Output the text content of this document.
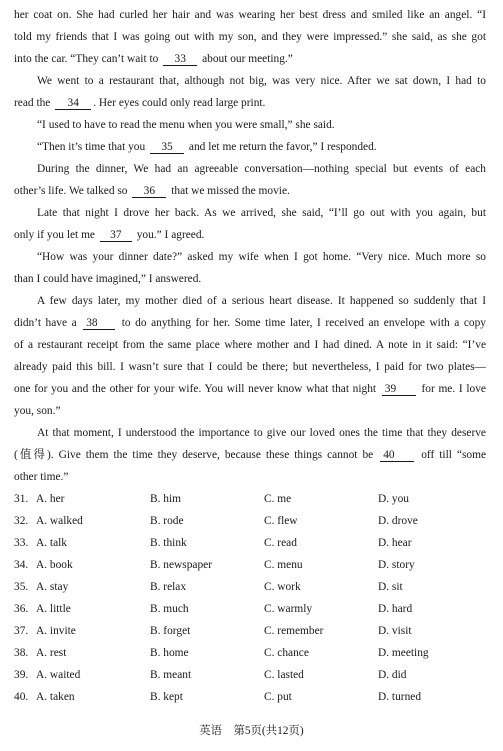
her coat on. She had curled her hair and was wearing her best dress and smiled like an angel. “I
told my friends that I was going out with my son, and they were impressed.” she said, as she got
into the car. “They can’t wait to 33 about our meeting.”
We went to a restaurant that, although not big, was very nice. After we sat down, I had to
read the 34 . Her eyes could only read large print.
“I used to have to read the menu when you were small,” she said.
“Then it’s time that you 35 and let me return the favor,” I responded.
During the dinner, We had an agreeable conversation—nothing special but events of each
other’s life. We talked so 36 that we missed the movie.
Late that night I drove her back. As we arrived, she said, “I’ll go out with you again, but
only if you let me 37 you.” I agreed.
“How was your dinner date?” asked my wife when I got home. “Very nice. Much more so
than I could have imagined,” I answered.
A few days later, my mother died of a serious heart disease. It happened so suddenly that I
didn’t have a 38 to do anything for her. Some time later, I received an envelope with a copy
of a restaurant receipt from the same place where mother and I had dined. A note in it said: “I’ve
already paid this bill. I wasn’t sure that I could be there; but nevertheless, I paid for two plates—
one for you and the other for your wife. You will never know what that night 39 for me. I love
you, son.”
At that moment, I understood the importance to give our loved ones the time that they deserve
(值得). Give them the time they deserve, because these things cannot be 40 off till “some
other time.”
31. A. her	B. him	C. me	D. you
32. A. walked	B. rode	C. flew	D. drove
33. A. talk	B. think	C. read	D. hear
34. A. book	B. newspaper	C. menu	D. story
35. A. stay	B. relax	C. work	D. sit
36. A. little	B. much	C. warmly	D. hard
37. A. invite	B. forget	C. remember	D. visit
38. A. rest	B. home	C. chance	D. meeting
39. A. waited	B. meant	C. lasted	D. did
40. A. taken	B. kept	C. put	D. turned
英语　第5页(共12页)
